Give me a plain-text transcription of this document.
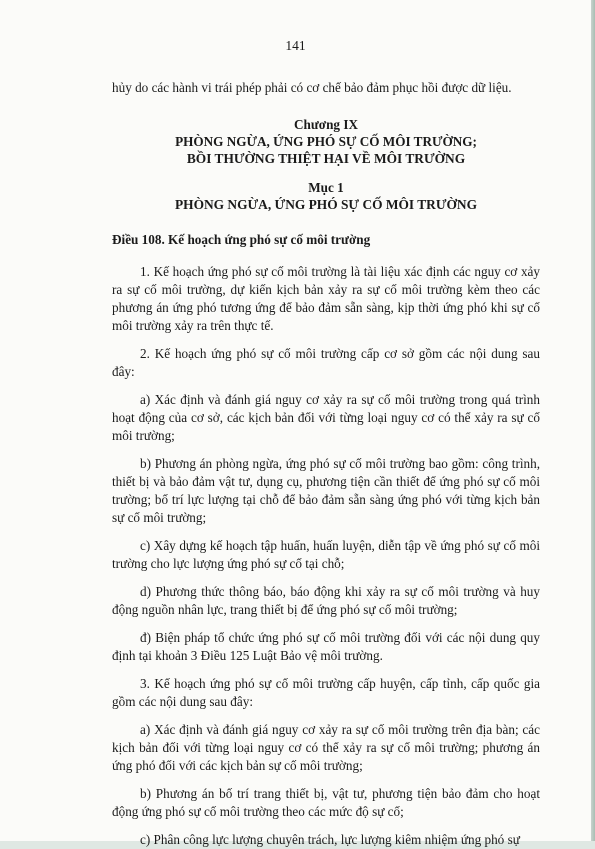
141

hủy do các hành vi trái phép phải có cơ chế bảo đảm phục hồi được dữ liệu.

Chương IX

PHÒNG NGỪA, ỨNG PHÓ SỰ CỐ MÔI TRƯỜNG;

BỒI THƯỜNG THIỆT HẠI VỀ MÔI TRƯỜNG

Mục 1

PHÒNG NGỪA, ỨNG PHÓ SỰ CỐ MÔI TRƯỜNG

Điều 108. Kế hoạch ứng phó sự cố môi trường

1. Kế hoạch ứng phó sự cố môi trường là tài liệu xác định các nguy cơ xảy ra sự cố môi trường, dự kiến kịch bản xảy ra sự cố môi trường kèm theo các phương án ứng phó tương ứng để bảo đảm sẵn sàng, kịp thời ứng phó khi sự cố môi trường xảy ra trên thực tế.

2. Kế hoạch ứng phó sự cố môi trường cấp cơ sở gồm các nội dung sau đây:

a) Xác định và đánh giá nguy cơ xảy ra sự cố môi trường trong quá trình hoạt động của cơ sở, các kịch bản đối với từng loại nguy cơ có thể xảy ra sự cố môi trường;

b) Phương án phòng ngừa, ứng phó sự cố môi trường bao gồm: công trình, thiết bị và bảo đảm vật tư, dụng cụ, phương tiện cần thiết để ứng phó sự cố môi trường; bố trí lực lượng tại chỗ để bảo đảm sẵn sàng ứng phó với từng kịch bản sự cố môi trường;

c) Xây dựng kế hoạch tập huấn, huấn luyện, diễn tập về ứng phó sự cố môi trường cho lực lượng ứng phó sự cố tại chỗ;

d) Phương thức thông báo, báo động khi xảy ra sự cố môi trường và huy động nguồn nhân lực, trang thiết bị để ứng phó sự cố môi trường;

đ) Biện pháp tổ chức ứng phó sự cố môi trường đối với các nội dung quy định tại khoản 3 Điều 125 Luật Bảo vệ môi trường.

3. Kế hoạch ứng phó sự cố môi trường cấp huyện, cấp tỉnh, cấp quốc gia gồm các nội dung sau đây:

a) Xác định và đánh giá nguy cơ xảy ra sự cố môi trường trên địa bàn; các kịch bản đối với từng loại nguy cơ có thể xảy ra sự cố môi trường; phương án ứng phó đối với các kịch bản sự cố môi trường;

b) Phương án bố trí trang thiết bị, vật tư, phương tiện bảo đảm cho hoạt động ứng phó sự cố môi trường theo các mức độ sự cố;

c) Phân công lực lượng chuyên trách, lực lượng kiêm nhiệm ứng phó sự
